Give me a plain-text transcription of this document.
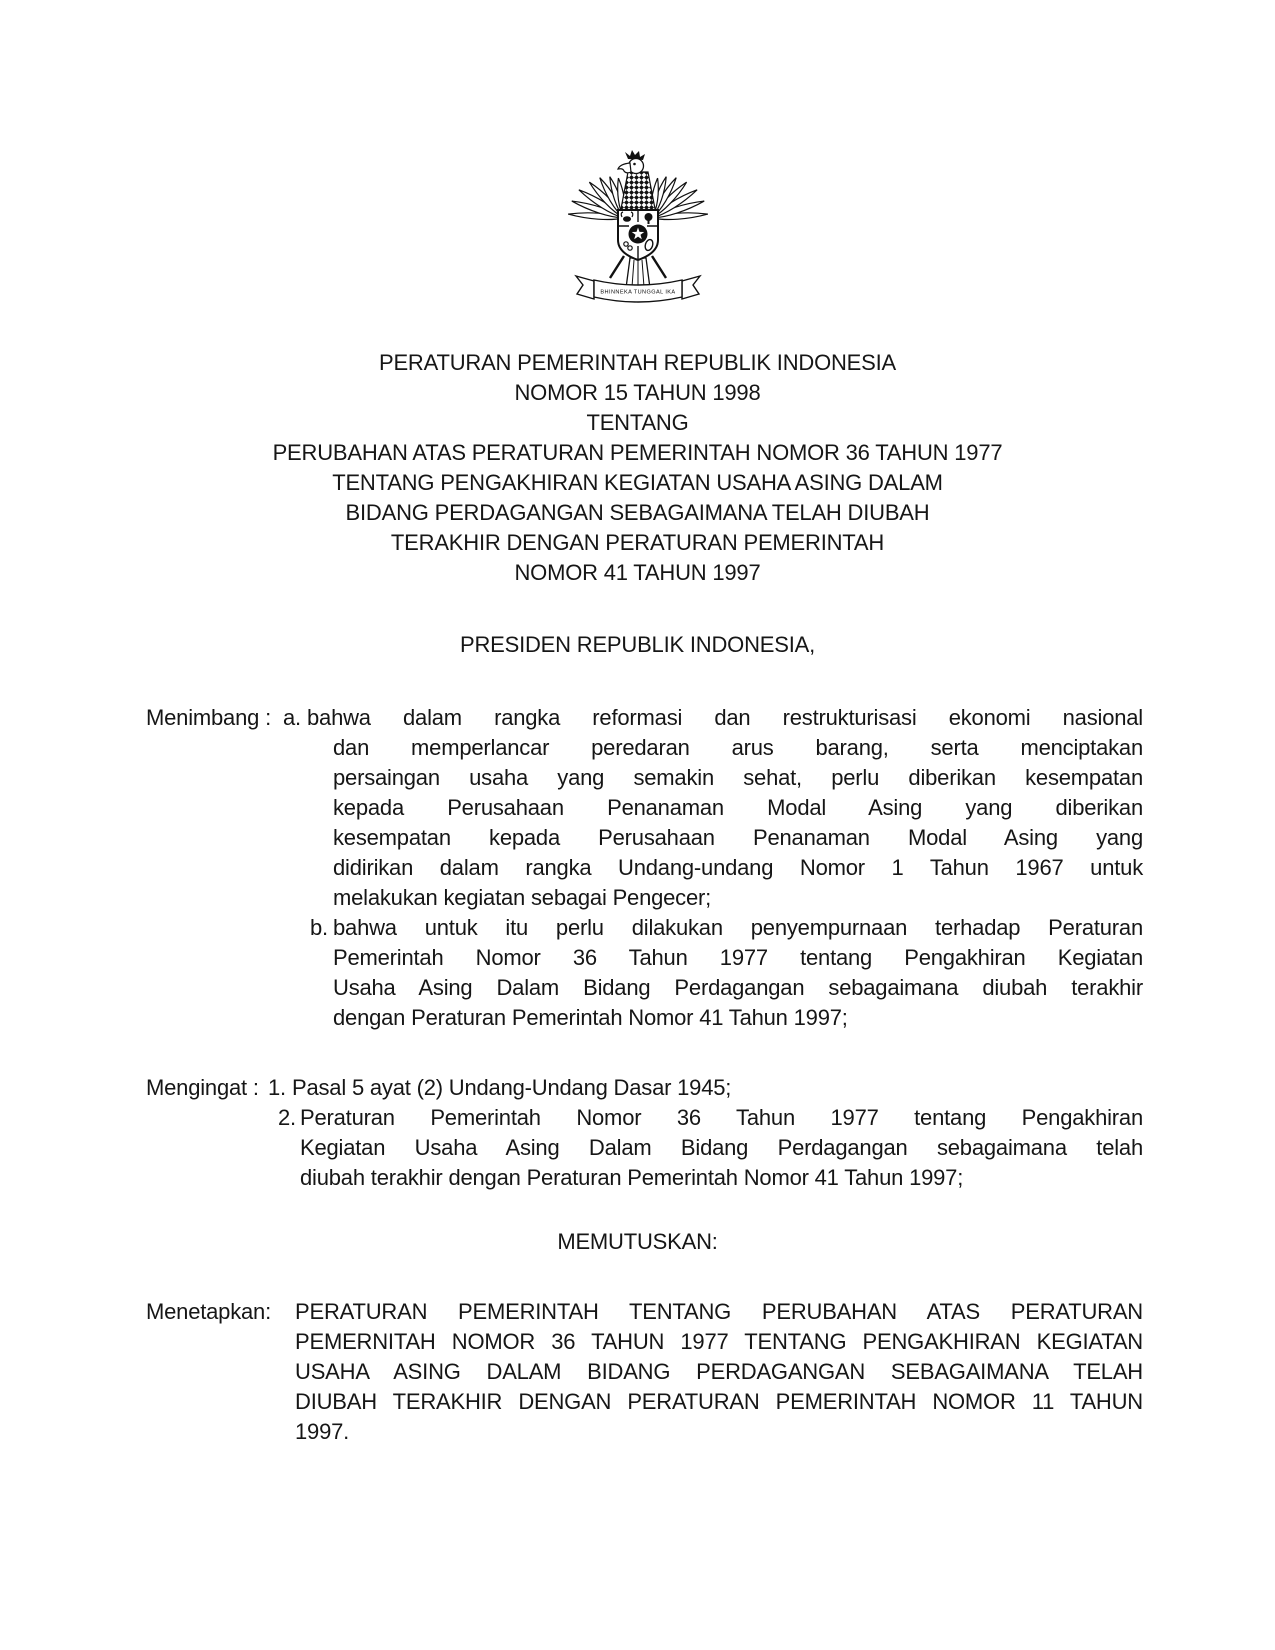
BHINNEKA TUNGGAL IKA
PERATURAN PEMERINTAH REPUBLIK INDONESIA
NOMOR 15 TAHUN 1998
TENTANG
PERUBAHAN ATAS PERATURAN PEMERINTAH NOMOR 36 TAHUN 1977
TENTANG PENGAKHIRAN KEGIATAN USAHA ASING DALAM
BIDANG PERDAGANGAN SEBAGAIMANA TELAH DIUBAH
TERAKHIR DENGAN PERATURAN PEMERINTAH
NOMOR 41 TAHUN 1997
PRESIDEN REPUBLIK INDONESIA,
Menimbang : a. bahwa dalam rangka reformasi dan restrukturisasi ekonomi nasional
dan memperlancar peredaran arus barang, serta menciptakan
persaingan usaha yang semakin sehat, perlu diberikan kesempatan
kepada Perusahaan Penanaman Modal Asing yang diberikan
kesempatan kepada Perusahaan Penanaman Modal Asing yang
didirikan dalam rangka Undang-undang Nomor 1 Tahun 1967 untuk
melakukan kegiatan sebagai Pengecer;
b. bahwa untuk itu perlu dilakukan penyempurnaan terhadap Peraturan
Pemerintah Nomor 36 Tahun 1977 tentang Pengakhiran Kegiatan
Usaha Asing Dalam Bidang Perdagangan sebagaimana diubah terakhir
dengan Peraturan Pemerintah Nomor 41 Tahun 1997;
Mengingat : 1. Pasal 5 ayat (2) Undang-Undang Dasar 1945;
2. Peraturan Pemerintah Nomor 36 Tahun 1977 tentang Pengakhiran
Kegiatan Usaha Asing Dalam Bidang Perdagangan sebagaimana telah
diubah terakhir dengan Peraturan Pemerintah Nomor 41 Tahun 1997;
MEMUTUSKAN:
Menetapkan:	PERATURAN PEMERINTAH TENTANG PERUBAHAN ATAS PERATURAN
PEMERNITAH NOMOR 36 TAHUN 1977 TENTANG PENGAKHIRAN KEGIATAN
USAHA ASING DALAM BIDANG PERDAGANGAN SEBAGAIMANA TELAH
DIUBAH TERAKHIR DENGAN PERATURAN PEMERINTAH NOMOR 11 TAHUN
1997.
